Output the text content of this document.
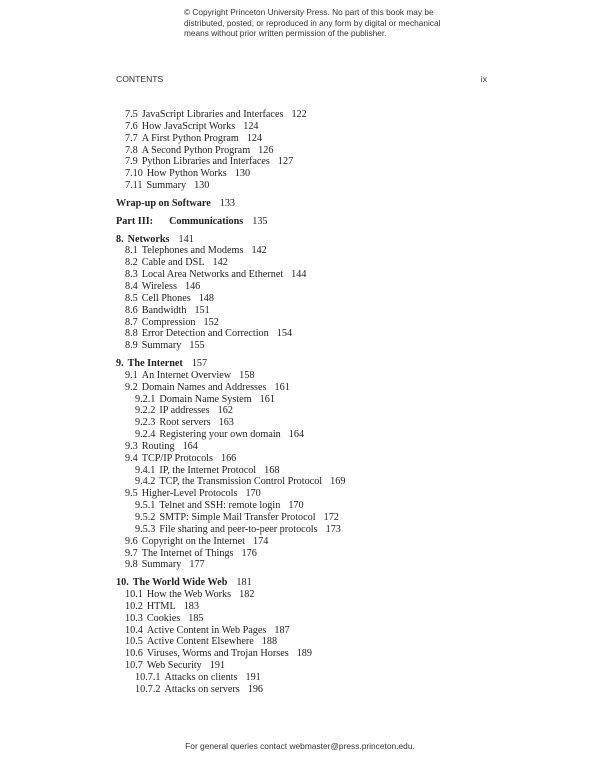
© Copyright Princeton University Press. No part of this book may be
distributed, posted, or reproduced in any form by digital or mechanical
means without prior written permission of the publisher.
CONTENTS	ix
7.5 JavaScript Libraries and Interfaces 122
7.6 How JavaScript Works 124
7.7 A First Python Program 124
7.8 A Second Python Program 126
7.9 Python Libraries and Interfaces 127
7.10 How Python Works 130
7.11 Summary 130
Wrap-up on Software 133
Part III: Communications 135
8. Networks 141
8.1 Telephones and Modems 142
8.2 Cable and DSL 142
8.3 Local Area Networks and Ethernet 144
8.4 Wireless 146
8.5 Cell Phones 148
8.6 Bandwidth 151
8.7 Compression 152
8.8 Error Detection and Correction 154
8.9 Summary 155
9. The Internet 157
9.1 An Internet Overview 158
9.2 Domain Names and Addresses 161
9.2.1 Domain Name System 161
9.2.2 IP addresses 162
9.2.3 Root servers 163
9.2.4 Registering your own domain 164
9.3 Routing 164
9.4 TCP/IP Protocols 166
9.4.1 IP, the Internet Protocol 168
9.4.2 TCP, the Transmission Control Protocol 169
9.5 Higher-Level Protocols 170
9.5.1 Telnet and SSH: remote login 170
9.5.2 SMTP: Simple Mail Transfer Protocol 172
9.5.3 File sharing and peer-to-peer protocols 173
9.6 Copyright on the Internet 174
9.7 The Internet of Things 176
9.8 Summary 177
10. The World Wide Web 181
10.1 How the Web Works 182
10.2 HTML 183
10.3 Cookies 185
10.4 Active Content in Web Pages 187
10.5 Active Content Elsewhere 188
10.6 Viruses, Worms and Trojan Horses 189
10.7 Web Security 191
10.7.1 Attacks on clients 191
10.7.2 Attacks on servers 196
For general queries contact webmaster@press.princeton.edu.
